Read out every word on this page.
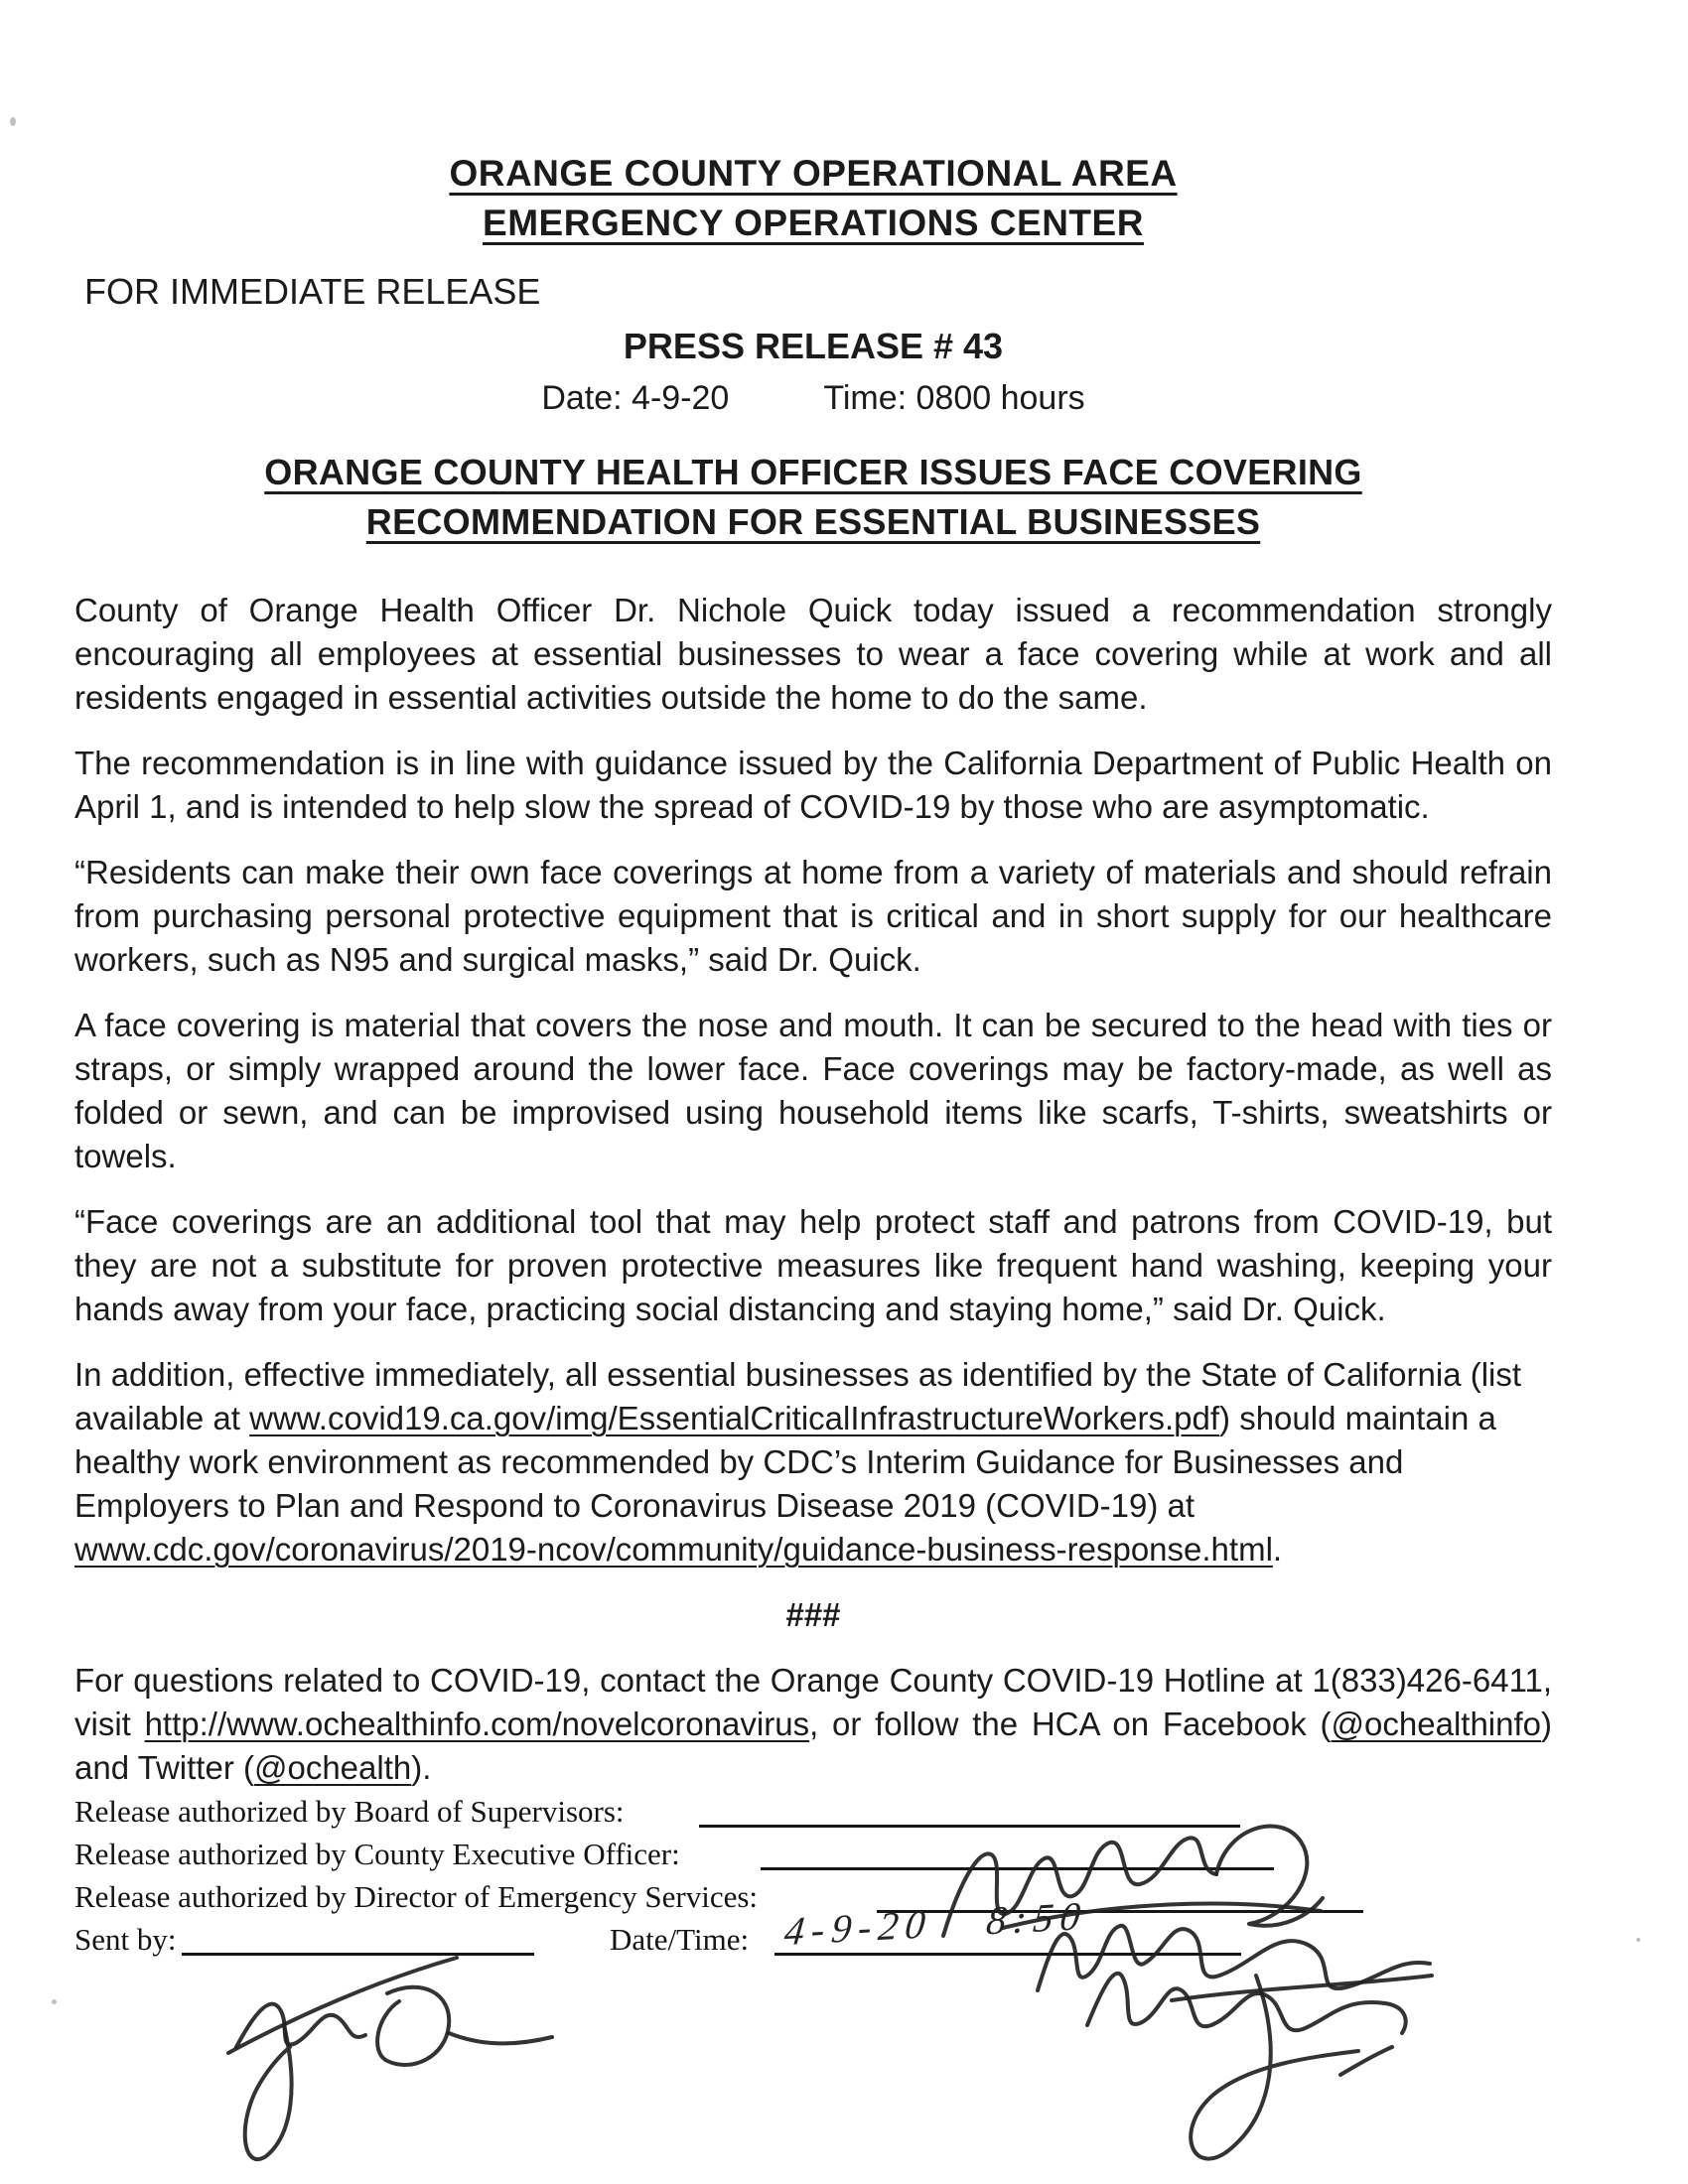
ORANGE COUNTY OPERATIONAL AREA
EMERGENCY OPERATIONS CENTER
FOR IMMEDIATE RELEASE
PRESS RELEASE # 43
Date: 4-9-20	Time: 0800 hours
ORANGE COUNTY HEALTH OFFICER ISSUES FACE COVERING
RECOMMENDATION FOR ESSENTIAL BUSINESSES

County of Orange Health Officer Dr. Nichole Quick today issued a recommendation strongly encouraging all employees at essential businesses to wear a face covering while at work and all residents engaged in essential activities outside the home to do the same.

The recommendation is in line with guidance issued by the California Department of Public Health on April 1, and is intended to help slow the spread of COVID-19 by those who are asymptomatic.

“Residents can make their own face coverings at home from a variety of materials and should refrain from purchasing personal protective equipment that is critical and in short supply for our healthcare workers, such as N95 and surgical masks,” said Dr. Quick.

A face covering is material that covers the nose and mouth. It can be secured to the head with ties or straps, or simply wrapped around the lower face. Face coverings may be factory-made, as well as folded or sewn, and can be improvised using household items like scarfs, T-shirts, sweatshirts or towels.

“Face coverings are an additional tool that may help protect staff and patrons from COVID-19, but they are not a substitute for proven protective measures like frequent hand washing, keeping your hands away from your face, practicing social distancing and staying home,” said Dr. Quick.

In addition, effective immediately, all essential businesses as identified by the State of California (list available at www.covid19.ca.gov/img/EssentialCriticalInfrastructureWorkers.pdf) should maintain a healthy work environment as recommended by CDC’s Interim Guidance for Businesses and Employers to Plan and Respond to Coronavirus Disease 2019 (COVID-19) at www.cdc.gov/coronavirus/2019-ncov/community/guidance-business-response.html.

###

For questions related to COVID-19, contact the Orange County COVID-19 Hotline at 1(833)426-6411, visit http://www.ochealthinfo.com/novelcoronavirus, or follow the HCA on Facebook (@ochealthinfo) and Twitter (@ochealth).

Release authorized by Board of Supervisors:
Release authorized by County Executive Officer:
Release authorized by Director of Emergency Services:
Sent by:	Date/Time: 4-9-20 8:50
